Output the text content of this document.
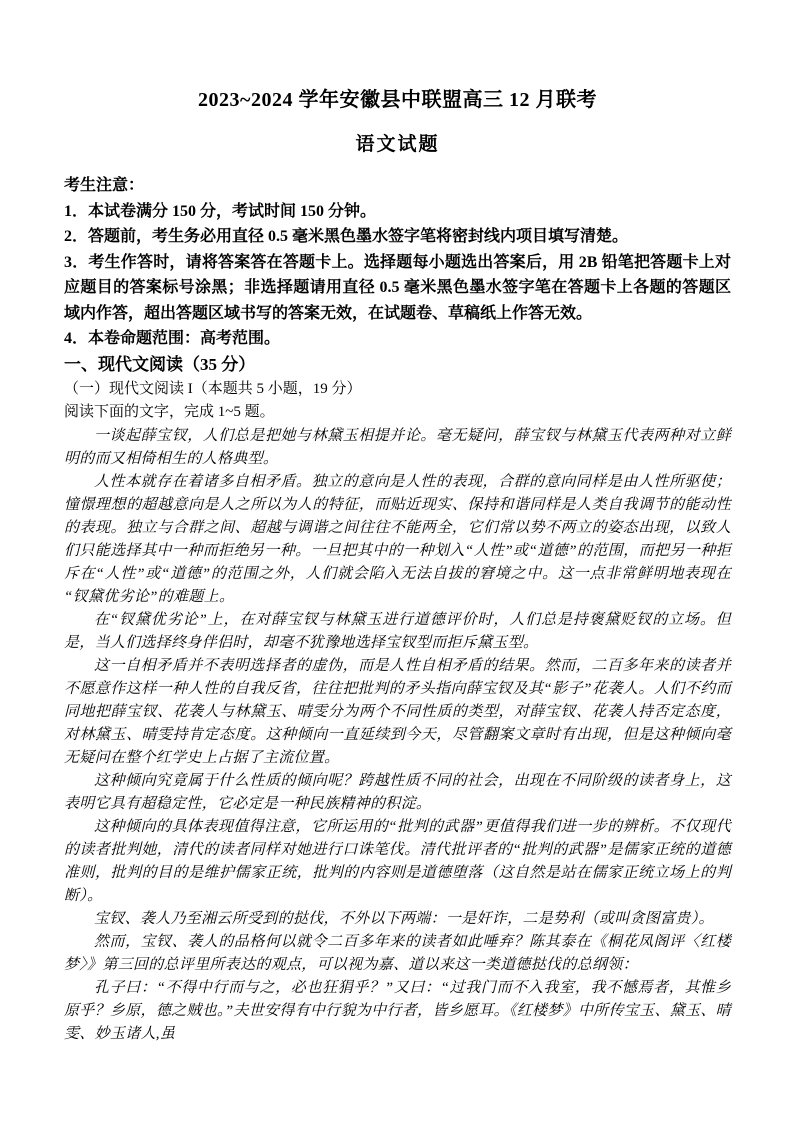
2023~2024 学年安徽县中联盟高三 12 月联考
语文试题

考生注意：

1．本试卷满分 150 分，考试时间 150 分钟。

2．答题前，考生务必用直径 0.5 毫米黑色墨水签字笔将密封线内项目填写清楚。

3．考生作答时，请将答案答在答题卡上。选择题每小题选出答案后，用 2B 铅笔把答题卡上对应题目的答案标号涂黑；非选择题请用直径 0.5 毫米黑色墨水签字笔在答题卡上各题的答题区域内作答，超出答题区域书写的答案无效，在试题卷、草稿纸上作答无效。

4．本卷命题范围：高考范围。

一、现代文阅读（35 分）

（一）现代文阅读 I（本题共 5 小题，19 分）

阅读下面的文字，完成 1~5 题。

一谈起薛宝钗，人们总是把她与林黛玉相提并论。毫无疑问，薛宝钗与林黛玉代表两种对立鲜明的而又相倚相生的人格典型。

人性本就存在着诸多自相矛盾。独立的意向是人性的表现，合群的意向同样是由人性所驱使；憧憬理想的超越意向是人之所以为人的特征，而贴近现实、保持和谐同样是人类自我调节的能动性的表现。独立与合群之间、超越与调谐之间往往不能两全，它们常以势不两立的姿态出现，以致人们只能选择其中一种而拒绝另一种。一旦把其中的一种划入“人性”或“道德”的范围，而把另一种拒斥在“人性”或“道德”的范围之外，人们就会陷入无法自拔的窘境之中。这一点非常鲜明地表现在“钗黛优劣论”的难题上。

在“钗黛优劣论”上，在对薛宝钗与林黛玉进行道德评价时，人们总是持褒黛贬钗的立场。但是，当人们选择终身伴侣时，却毫不犹豫地选择宝钗型而拒斥黛玉型。

这一自相矛盾并不表明选择者的虚伪，而是人性自相矛盾的结果。然而，二百多年来的读者并不愿意作这样一种人性的自我反省，往往把批判的矛头指向薛宝钗及其“影子”花袭人。人们不约而同地把薛宝钗、花袭人与林黛玉、晴雯分为两个不同性质的类型，对薛宝钗、花袭人持否定态度，对林黛玉、晴雯持肯定态度。这种倾向一直延续到今天，尽管翻案文章时有出现，但是这种倾向毫无疑问在整个红学史上占据了主流位置。

这种倾向究竟属于什么性质的倾向呢？跨越性质不同的社会，出现在不同阶级的读者身上，这表明它具有超稳定性，它必定是一种民族精神的积淀。

这种倾向的具体表现值得注意，它所运用的“批判的武器”更值得我们进一步的辨析。不仅现代的读者批判她，清代的读者同样对她进行口诛笔伐。清代批评者的“批判的武器”是儒家正统的道德准则，批判的目的是维护儒家正统，批判的内容则是道德堕落（这自然是站在儒家正统立场上的判断）。

宝钗、袭人乃至湘云所受到的挞伐，不外以下两端：一是奸诈，二是势利（或叫贪图富贵）。

然而，宝钗、袭人的品格何以就令二百多年来的读者如此唾弃？陈其泰在《桐花凤阁评〈红楼梦〉》第三回的总评里所表达的观点，可以视为嘉、道以来这一类道德挞伐的总纲领：

孔子曰：“不得中行而与之，必也狂狷乎？”又曰：“过我门而不入我室，我不憾焉者，其惟乡原乎？乡原，德之贼也。”夫世安得有中行貌为中行者，皆乡愿耳。《红楼梦》中所传宝玉、黛玉、晴雯、妙玉诸人,虽
